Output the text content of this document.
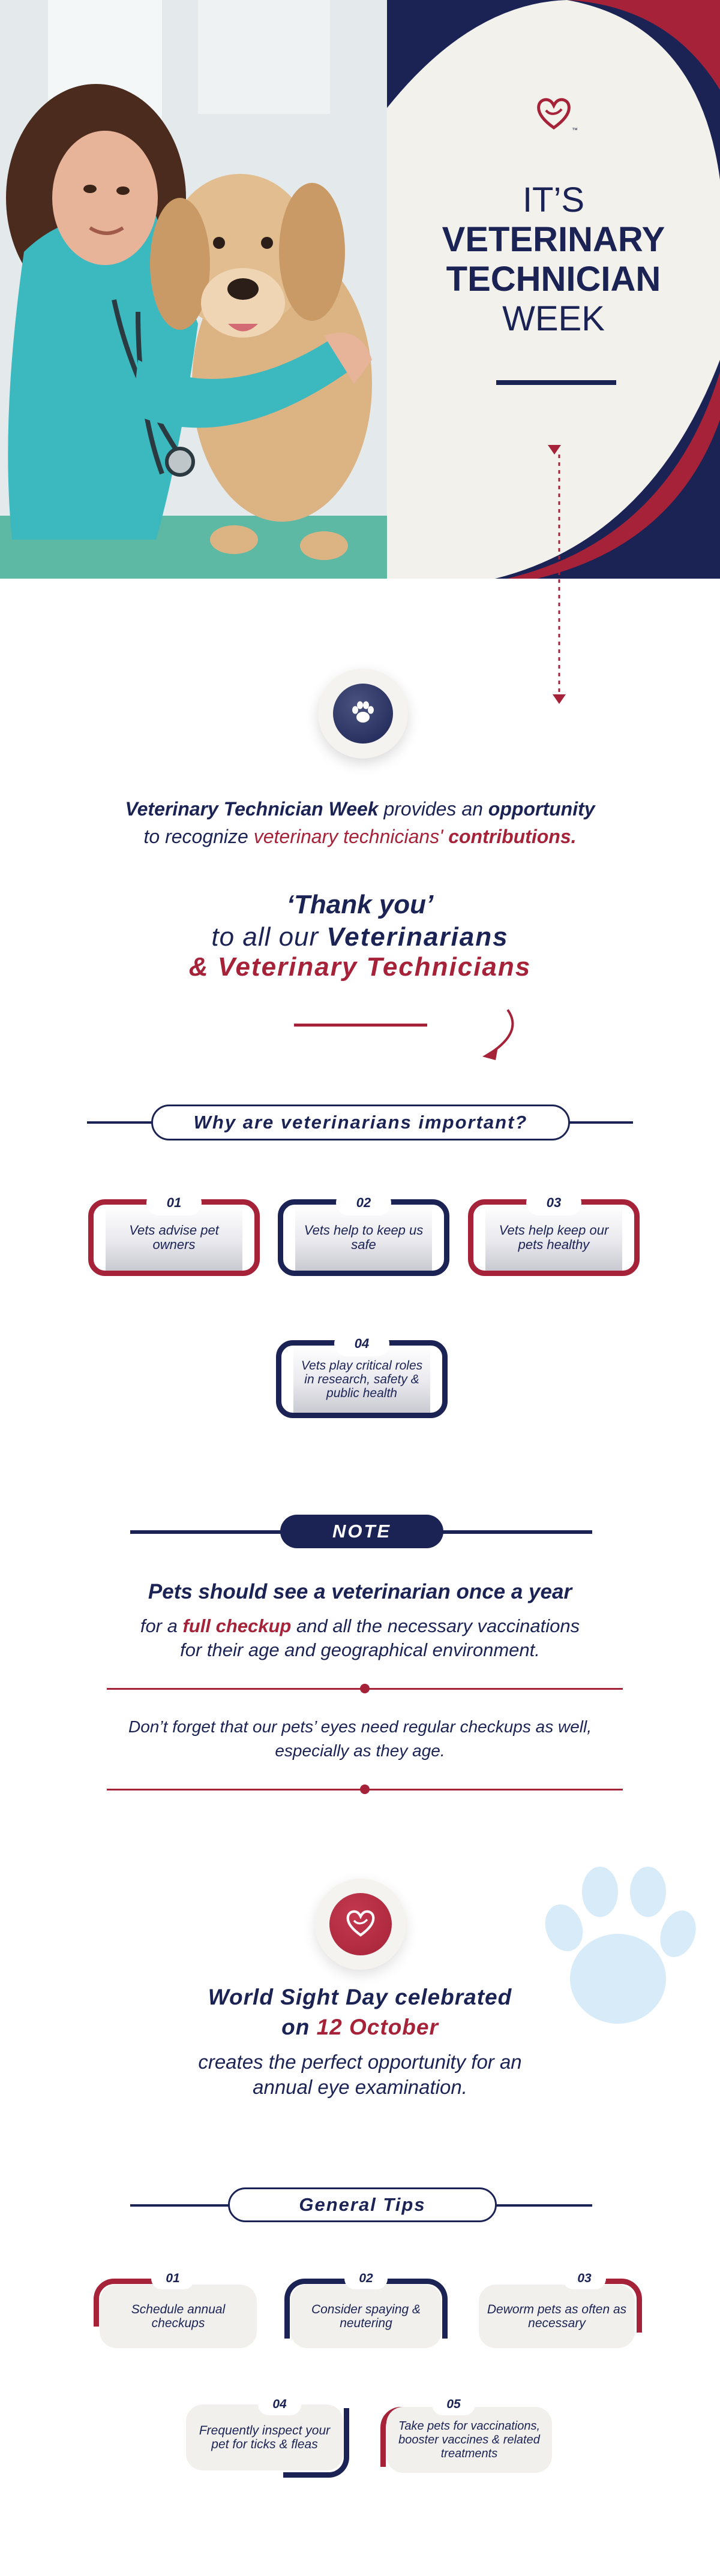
™
IT’S
VETERINARY
TECHNICIAN
WEEK
Veterinary Technician Week provides an opportunity
to recognize veterinary technicians' contributions.
‘Thank you’
to all our Veterinarians
& Veterinary Technicians
Why are veterinarians important?
Vets advise pet owners
01
Vets help to keep us safe
02
Vets help keep our pets healthy
03
Vets play critical roles in research, safety & public health
04
NOTE
Pets should see a veterinarian once a year
for a full checkup and all the necessary vaccinations
for their age and geographical environment.
Don’t forget that our pets’ eyes need regular checkups as well, especially as they age.
World Sight Day celebrated
on 12 October
creates the perfect opportunity for an annual eye examination.
General Tips
Schedule annual checkups
01
Consider spaying & neutering
02
Deworm pets as often as necessary
03
Frequently inspect your pet for ticks & fleas
04
Take pets for vaccinations, booster vaccines & related treatments
05
